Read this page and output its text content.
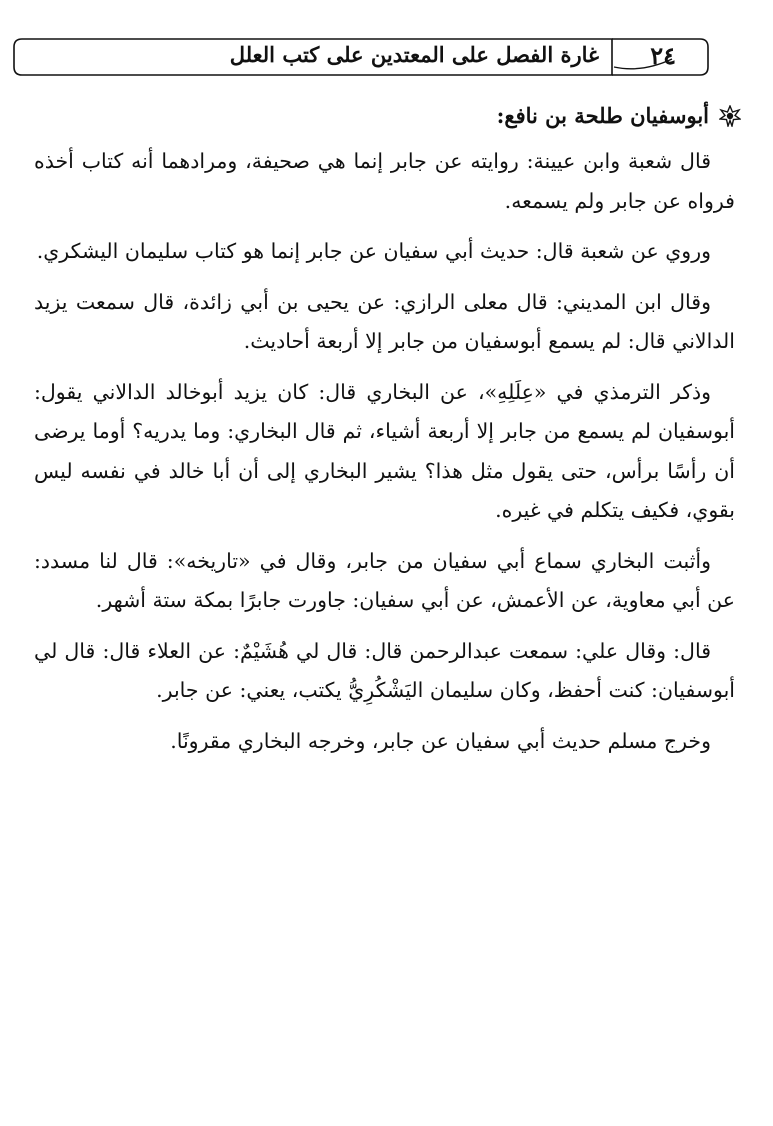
غارة الفصل على المعتدين على كتب العلل ٢٤
أبوسفيان طلحة بن نافع:

قال شعبة وابن عيينة: روايته عن جابر إنما هي صحيفة، ومرادهما أنه كتاب أخذه فرواه عن جابر ولم يسمعه.

وروي عن شعبة قال: حديث أبي سفيان عن جابر إنما هو كتاب سليمان اليشكري.

وقال ابن المديني: قال معلى الرازي: عن يحيى بن أبي زائدة، قال سمعت يزيد الدالاني قال: لم يسمع أبوسفيان من جابر إلا أربعة أحاديث.

وذكر الترمذي في «عِلَلِهِ»، عن البخاري قال: كان يزيد أبوخالد الدالاني يقول: أبوسفيان لم يسمع من جابر إلا أربعة أشياء، ثم قال البخاري: وما يدريه؟ أوما يرضى أن رأسًا برأس، حتى يقول مثل هذا؟ يشير البخاري إلى أن أبا خالد في نفسه ليس بقوي، فكيف يتكلم في غيره.

وأثبت البخاري سماع أبي سفيان من جابر، وقال في «تاريخه»: قال لنا مسدد: عن أبي معاوية، عن الأعمش، عن أبي سفيان: جاورت جابرًا بمكة ستة أشهر.

قال: وقال علي: سمعت عبدالرحمن قال: قال لي هُشَيْمٌ: عن العلاء قال: قال لي أبوسفيان: كنت أحفظ، وكان سليمان اليَشْكُرِيُّ يكتب، يعني: عن جابر.

وخرج مسلم حديث أبي سفيان عن جابر، وخرجه البخاري مقرونًا.
